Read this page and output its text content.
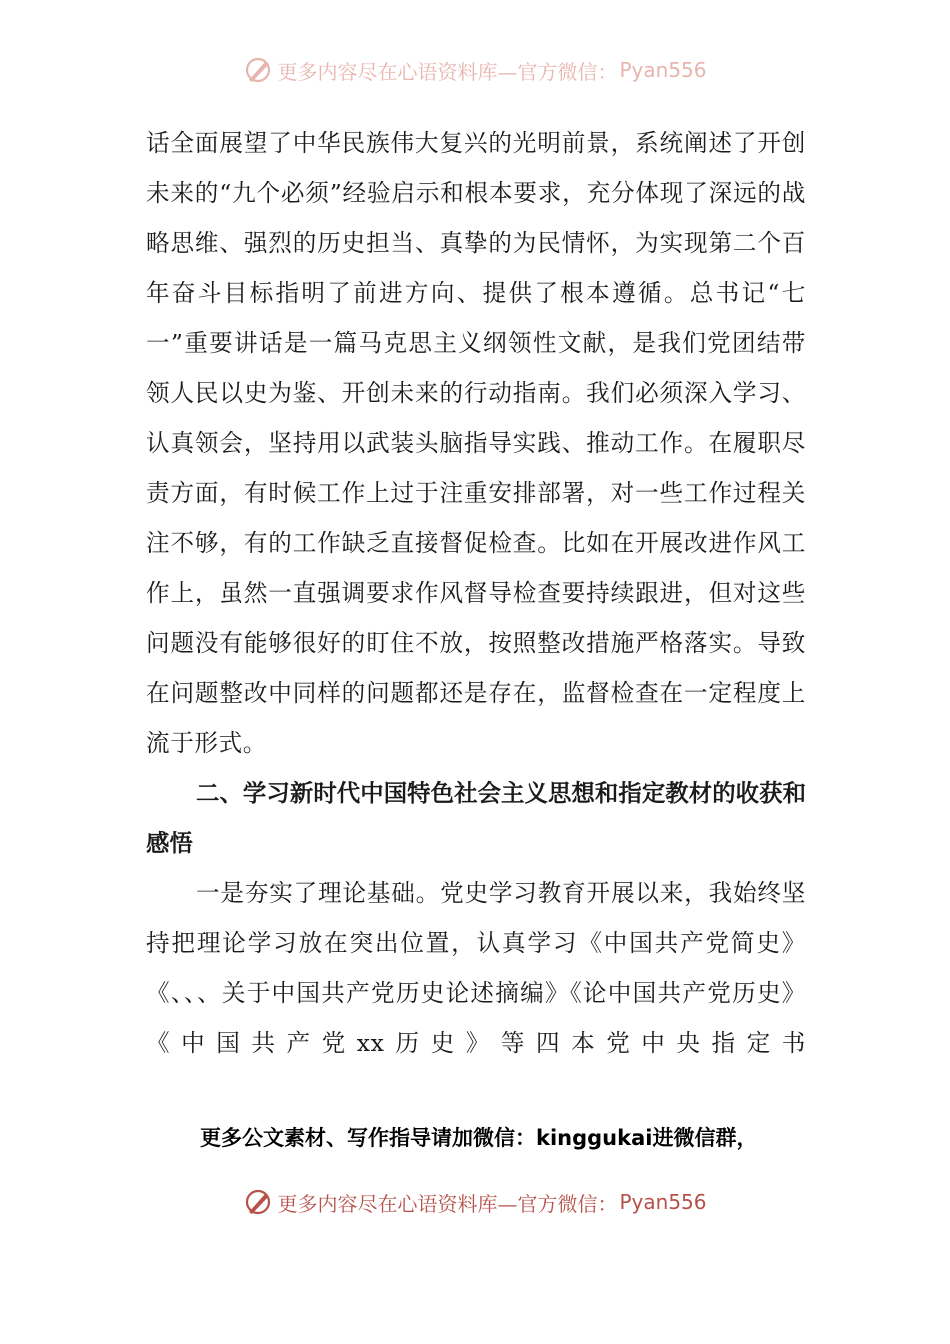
更多内容尽在心语资料库—官方微信： Pyan556

话全面展望了中华民族伟大复兴的光明前景，系统阐述了开创未来的“九个必须”经验启示和根本要求，充分体现了深远的战略思维、强烈的历史担当、真挚的为民情怀，为实现第二个百年奋斗目标指明了前进方向、提供了根本遵循。总书记“七一”重要讲话是一篇马克思主义纲领性文献，是我们党团结带领人民以史为鉴、开创未来的行动指南。我们必须深入学习、认真领会，坚持用以武装头脑指导实践、推动工作。在履职尽责方面，有时候工作上过于注重安排部署，对一些工作过程关注不够，有的工作缺乏直接督促检查。比如在开展改进作风工作上，虽然一直强调要求作风督导检查要持续跟进，但对这些问题没有能够很好的盯住不放，按照整改措施严格落实。导致在问题整改中同样的问题都还是存在，监督检查在一定程度上流于形式。

二、学习新时代中国特色社会主义思想和指定教材的收获和感悟

一是夯实了理论基础。党史学习教育开展以来，我始终坚持把理论学习放在突出位置，认真学习《中国共产党简史》《、、、关于中国共产党历史论述摘编》《论中国共产党历史》《中国共产党xx历史》等四本党中央指定书

更多公文素材、写作指导请加微信：kinggukai进微信群，
更多内容尽在心语资料库—官方微信： Pyan556
